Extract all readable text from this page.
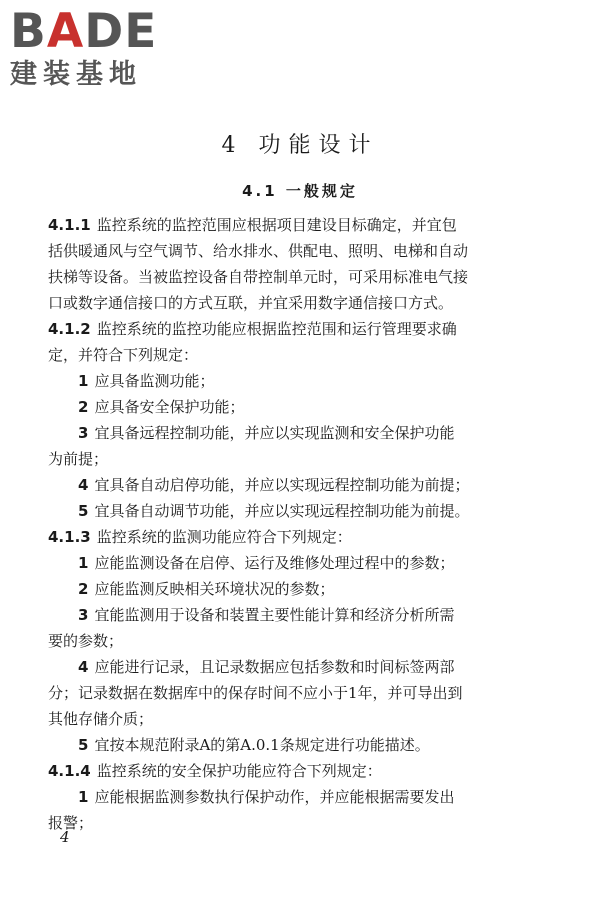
BADE
建装基地
4 功能设计
4.1 一般规定
4.1.1 监控系统的监控范围应根据项目建设目标确定，并宜包
括供暖通风与空气调节、给水排水、供配电、照明、电梯和自动
扶梯等设备。当被监控设备自带控制单元时，可采用标准电气接
口或数字通信接口的方式互联，并宜采用数字通信接口方式。
4.1.2 监控系统的监控功能应根据监控范围和运行管理要求确
定，并符合下列规定：
1 应具备监测功能；
2 应具备安全保护功能；
3 宜具备远程控制功能，并应以实现监测和安全保护功能
为前提；
4 宜具备自动启停功能，并应以实现远程控制功能为前提；
5 宜具备自动调节功能，并应以实现远程控制功能为前提。
4.1.3 监控系统的监测功能应符合下列规定：
1 应能监测设备在启停、运行及维修处理过程中的参数；
2 应能监测反映相关环境状况的参数；
3 宜能监测用于设备和装置主要性能计算和经济分析所需
要的参数；
4 应能进行记录，且记录数据应包括参数和时间标签两部
分；记录数据在数据库中的保存时间不应小于1年，并可导出到
其他存储介质；
5 宜按本规范附录A的第A.0.1条规定进行功能描述。
4.1.4 监控系统的安全保护功能应符合下列规定：
1 应能根据监测参数执行保护动作，并应能根据需要发出
报警；
4
